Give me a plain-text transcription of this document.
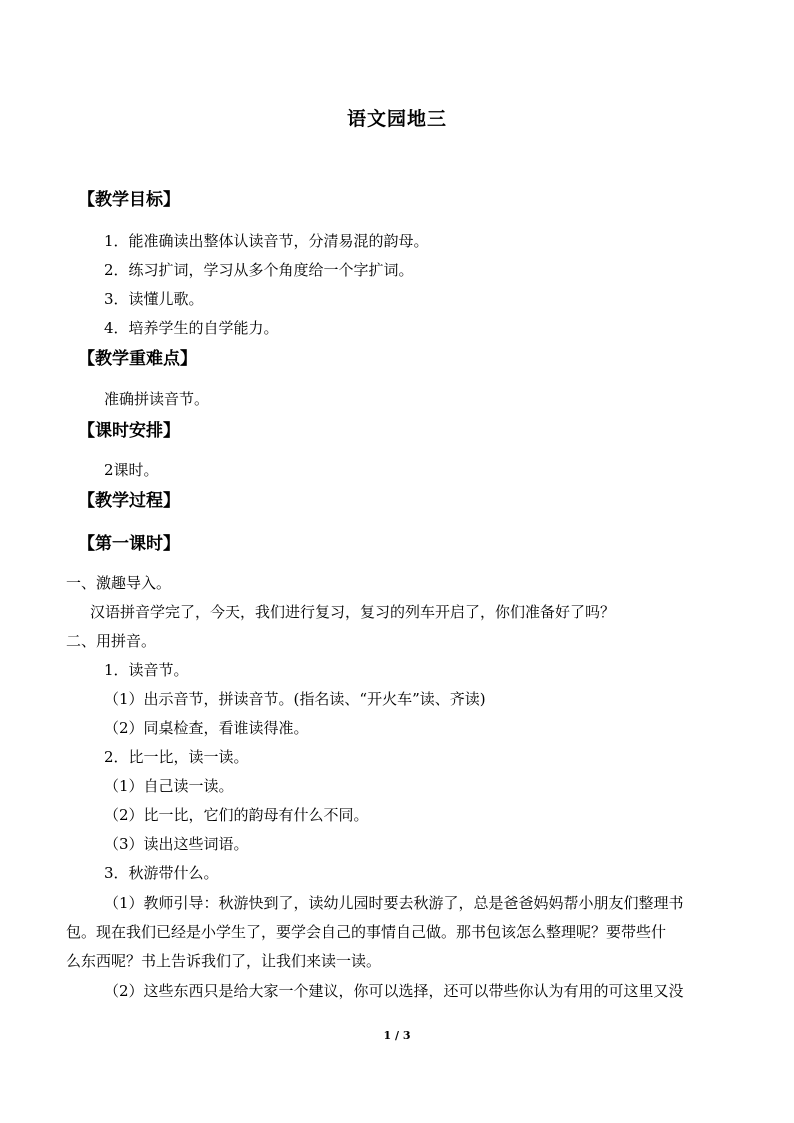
语文园地三
【教学目标】
1．能准确读出整体认读音节，分清易混的韵母。
2．练习扩词，学习从多个角度给一个字扩词。
3．读懂儿歌。
4．培养学生的自学能力。
【教学重难点】
准确拼读音节。
【课时安排】
2课时。
【教学过程】
【第一课时】
一、激趣导入。
汉语拼音学完了，今天，我们进行复习，复习的列车开启了，你们准备好了吗？
二、用拼音。
1．读音节。
（1）出示音节，拼读音节。(指名读、“开火车”读、齐读)
（2）同桌检查，看谁读得准。
2．比一比，读一读。
（1）自己读一读。
（2）比一比，它们的韵母有什么不同。
（3）读出这些词语。
3．秋游带什么。
（1）教师引导：秋游快到了，读幼儿园时要去秋游了，总是爸爸妈妈帮小朋友们整理书
包。现在我们已经是小学生了，要学会自己的事情自己做。那书包该怎么整理呢？要带些什
么东西呢？书上告诉我们了，让我们来读一读。
（2）这些东西只是给大家一个建议，你可以选择，还可以带些你认为有用的可这里又没
1 / 3
